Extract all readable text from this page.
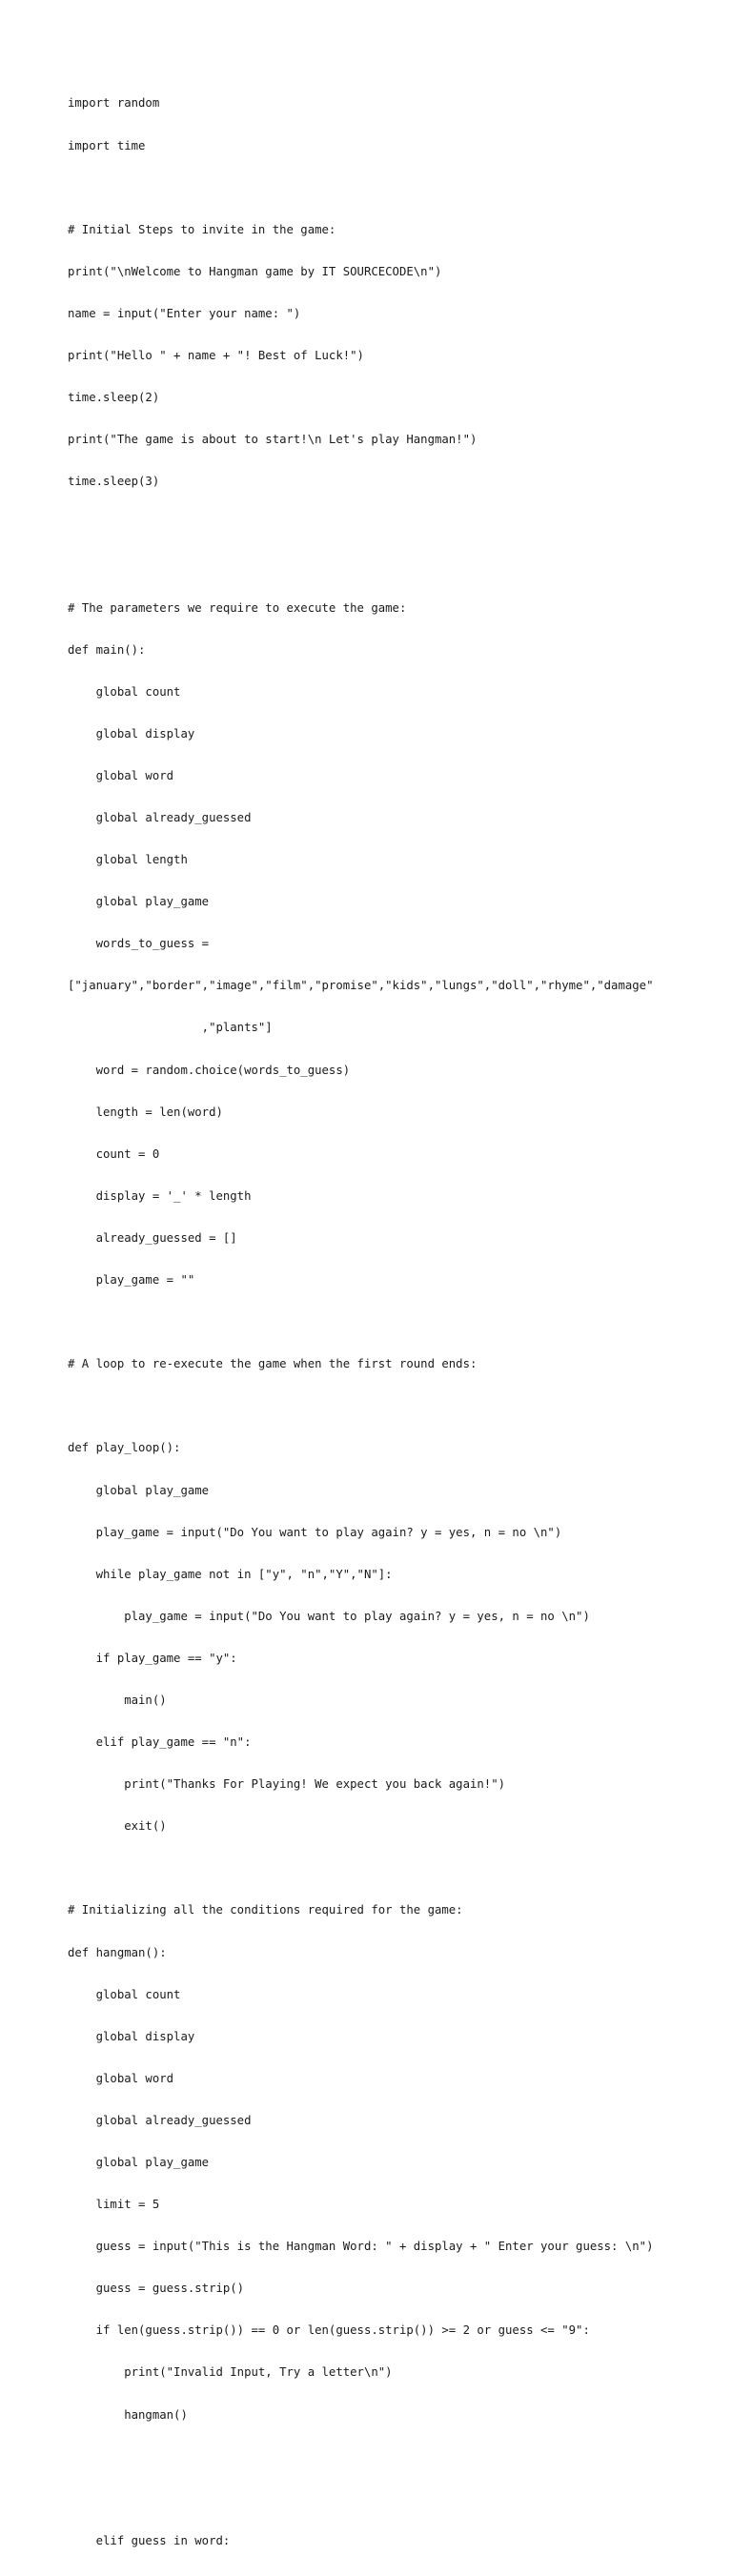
import random

import time

# Initial Steps to invite in the game:

print("\nWelcome to Hangman game by IT SOURCECODE\n")

name = input("Enter your name: ")

print("Hello " + name + "! Best of Luck!")

time.sleep(2)

print("The game is about to start!\n Let's play Hangman!")

time.sleep(3)

# The parameters we require to execute the game:

def main():

global count

global display

global word

global already_guessed

global length

global play_game

words_to_guess =

["january","border","image","film","promise","kids","lungs","doll","rhyme","damage"

,"plants"]

word = random.choice(words_to_guess)

length = len(word)

count = 0

display = '_' * length

already_guessed = []

play_game = ""

# A loop to re-execute the game when the first round ends:

def play_loop():

global play_game

play_game = input("Do You want to play again? y = yes, n = no \n")

while play_game not in ["y", "n","Y","N"]:

play_game = input("Do You want to play again? y = yes, n = no \n")

if play_game == "y":

main()

elif play_game == "n":

print("Thanks For Playing! We expect you back again!")

exit()

# Initializing all the conditions required for the game:

def hangman():

global count

global display

global word

global already_guessed

global play_game

limit = 5

guess = input("This is the Hangman Word: " + display + " Enter your guess: \n")

guess = guess.strip()

if len(guess.strip()) == 0 or len(guess.strip()) >= 2 or guess <= "9":

print("Invalid Input, Try a letter\n")

hangman()

elif guess in word:
